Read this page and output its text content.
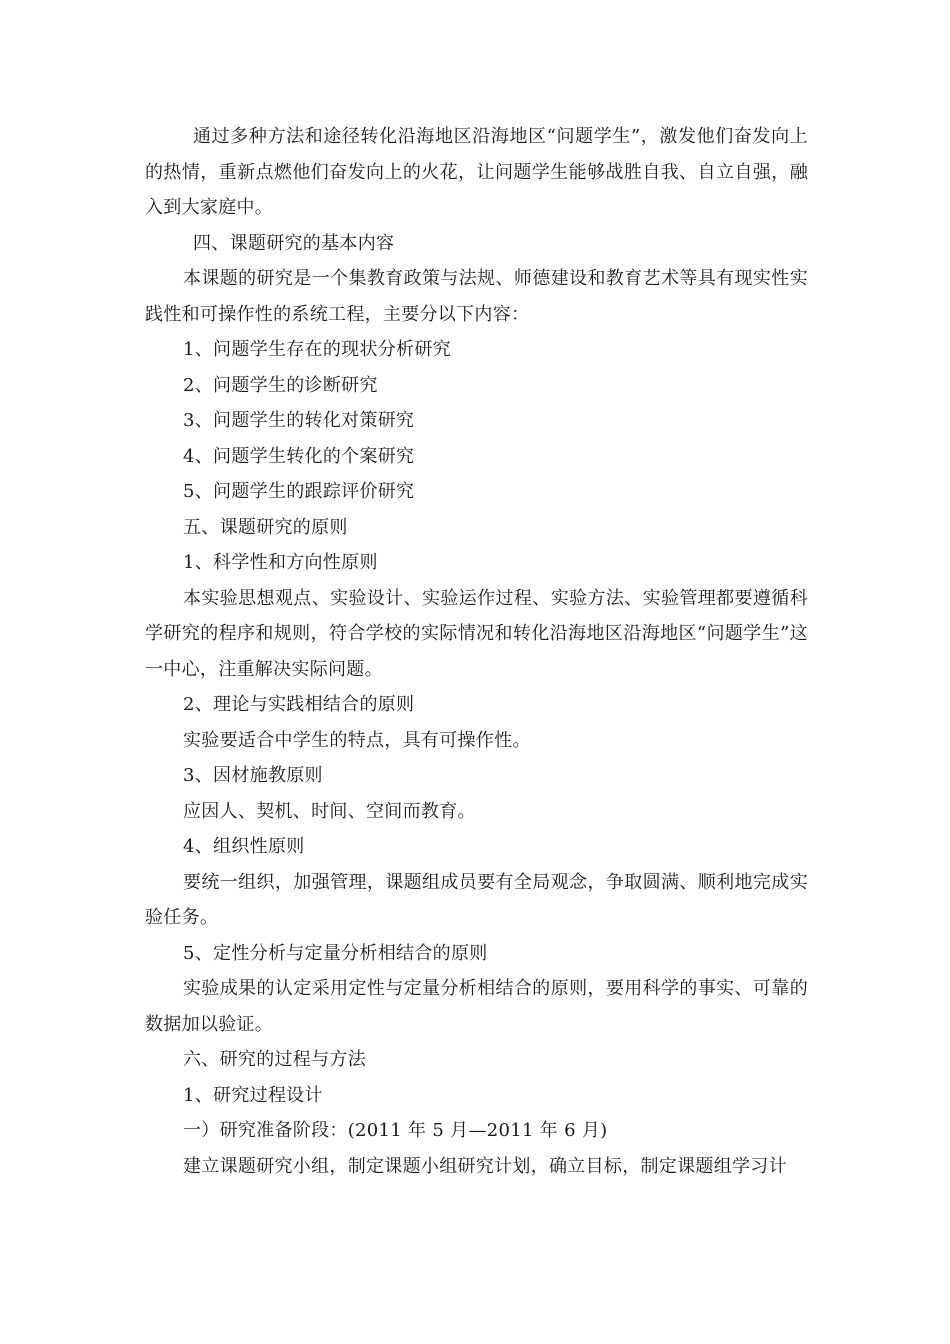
通过多种方法和途径转化沿海地区沿海地区“问题学生”，激发他们奋发向上的热情，重新点燃他们奋发向上的火花，让问题学生能够战胜自我、自立自强，融入到大家庭中。

四、课题研究的基本内容

本课题的研究是一个集教育政策与法规、师德建设和教育艺术等具有现实性实践性和可操作性的系统工程，主要分以下内容：

1、问题学生存在的现状分析研究

2、问题学生的诊断研究

3、问题学生的转化对策研究

4、问题学生转化的个案研究

5、问题学生的跟踪评价研究

五、课题研究的原则

1、科学性和方向性原则

本实验思想观点、实验设计、实验运作过程、实验方法、实验管理都要遵循科学研究的程序和规则，符合学校的实际情况和转化沿海地区沿海地区“问题学生”这一中心，注重解决实际问题。

2、理论与实践相结合的原则

实验要适合中学生的特点，具有可操作性。

3、因材施教原则

应因人、契机、时间、空间而教育。

4、组织性原则

要统一组织，加强管理，课题组成员要有全局观念，争取圆满、顺利地完成实验任务。

5、定性分析与定量分析相结合的原则

实验成果的认定采用定性与定量分析相结合的原则，要用科学的事实、可靠的数据加以验证。

六、研究的过程与方法

1、研究过程设计

一）研究准备阶段：(2011 年 5 月—2011 年 6 月)

建立课题研究小组，制定课题小组研究计划，确立目标，制定课题组学习计
